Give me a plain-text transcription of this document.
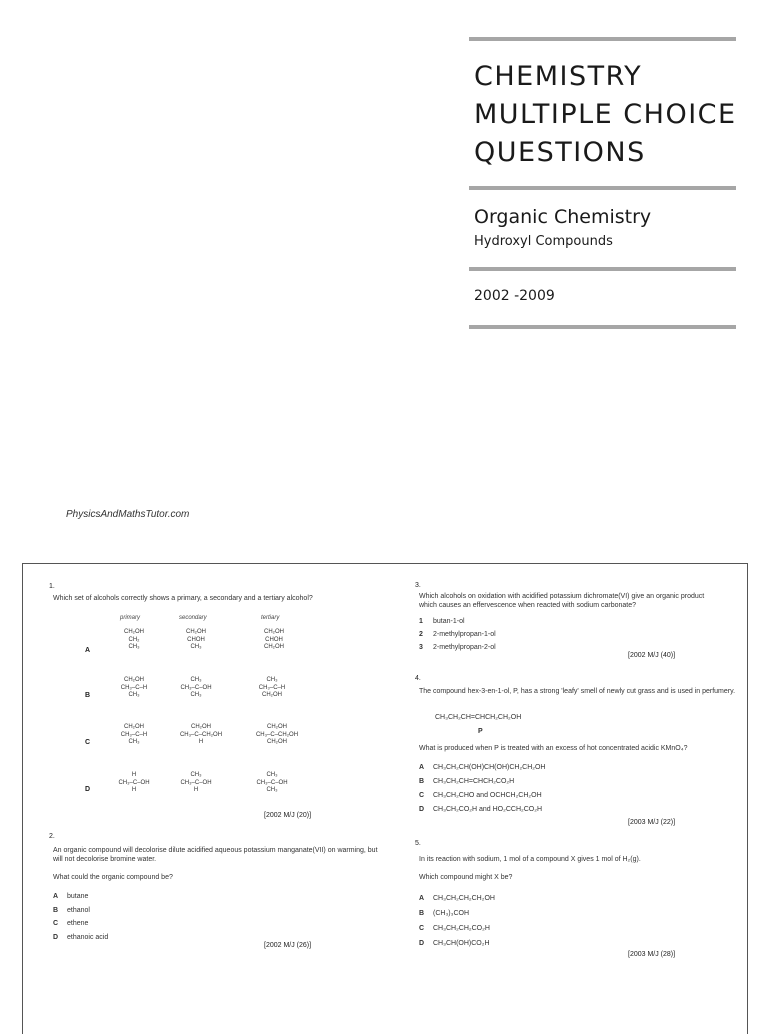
CHEMISTRY
MULTIPLE CHOICE
QUESTIONS
Organic Chemistry
Hydroxyl Compounds
2002 -2009
PhysicsAndMathsTutor.com
1.
Which set of alcohols correctly shows a primary, a secondary and a tertiary alcohol?
primary	secondary	tertiary
A
CH₂OH
CH₂
CH₃
CH₂OH
CHOH
CH₃
CH₂OH
CHOH
CH₂OH
B
CH₂OH
CH₃–C–H
CH₃
CH₃
CH₃–C–OH
CH₃
CH₃
CH₃–C–H
CH₂OH
C
CH₂OH
CH₃–C–H
CH₃
CH₂OH
CH₃–C–CH₂OH
H
CH₂OH
CH₃–C–CH₂OH
CH₂OH
D
H
CH₃–C–OH
H
CH₃
CH₃–C–OH
H
CH₃
CH₃–C–OH
CH₃
[2002 M/J (20)]
2.
An organic compound will decolorise dilute acidified aqueous potassium manganate(VII) on warming, but will not decolorise bromine water.
What could the organic compound be?
A butane
B ethanol
C ethene
D ethanoic acid
[2002 M/J (26)]
3.
Which alcohols on oxidation with acidified potassium dichromate(VI) give an organic product which causes an effervescence when reacted with sodium carbonate?
1 butan-1-ol
2 2-methylpropan-1-ol
3 2-methylpropan-2-ol
[2002 M/J (40)]
4.
The compound hex-3-en-1-ol, P, has a strong 'leafy' smell of newly cut grass and is used in perfumery.
CH₃CH₂CH=CHCH₂CH₂OH
P
What is produced when P is treated with an excess of hot concentrated acidic KMnO₄?
A CH₃CH₂CH(OH)CH(OH)CH₂CH₂OH
B CH₃CH₂CH=CHCH₂CO₂H
C CH₃CH₂CHO and OCHCH₂CH₂OH
D CH₃CH₂CO₂H and HO₂CCH₂CO₂H
[2003 M/J (22)]
5.
In its reaction with sodium, 1 mol of a compound X gives 1 mol of H₂(g).
Which compound might X be?
A CH₃CH₂CH₂CH₂OH
B (CH₃)₃COH
C CH₃CH₂CH₂CO₂H
D CH₃CH(OH)CO₂H
[2003 M/J (28)]
